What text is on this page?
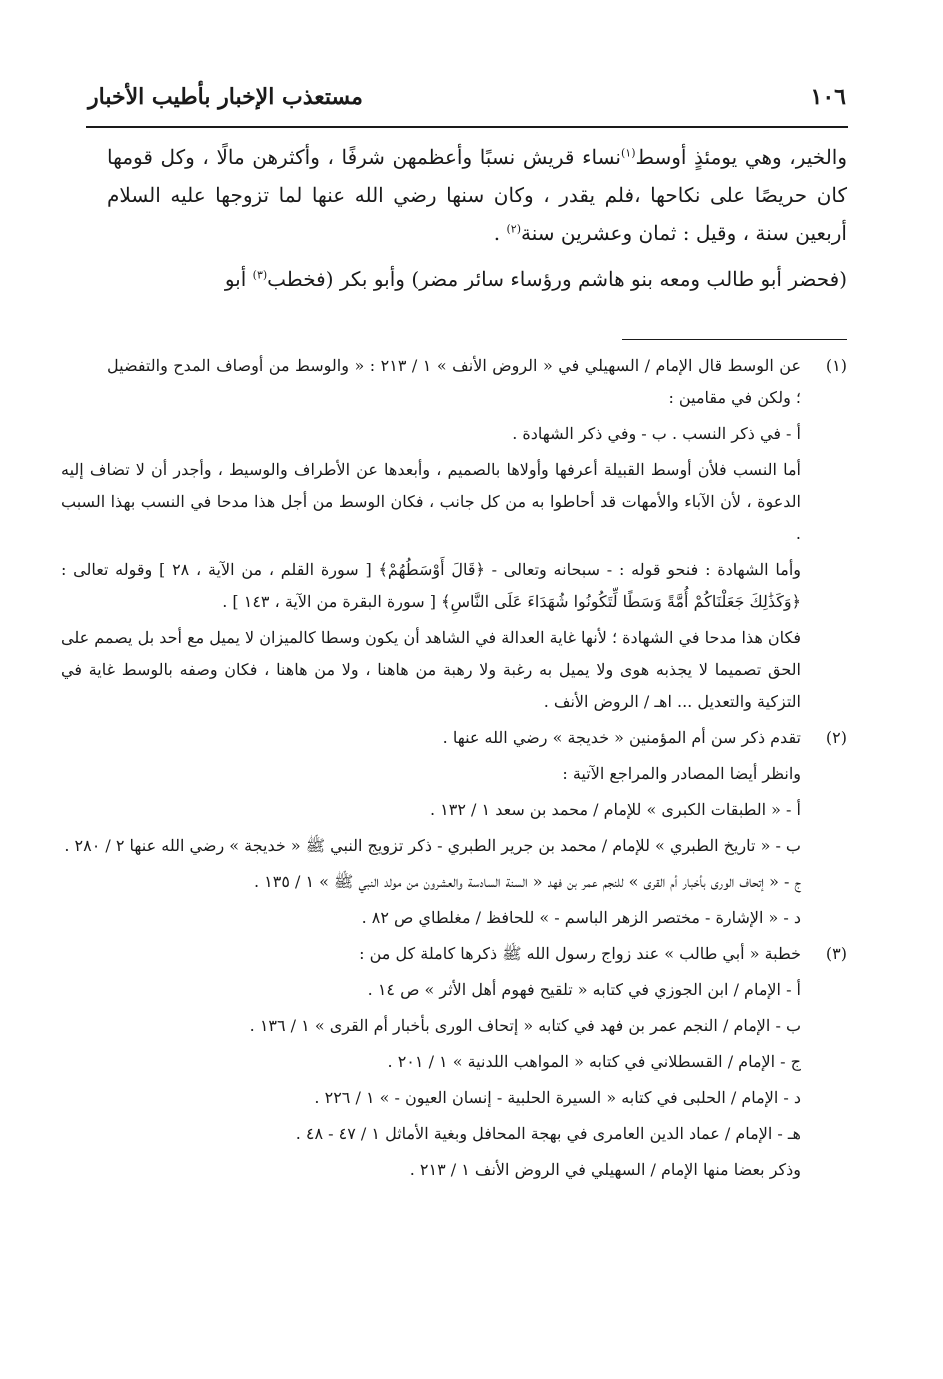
مستعذب الإخبار بأطيب الأخبار	١٠٦

والخير، وهي يومئذٍ أوسط$^{(١)}$نساء قريش نسبًا وأعظمهن شرفًا ، وأكثرهن مالًا ، وكل قومها كان حريصًا على نكاحها ،فلم يقدر ، وكان سنها رضي الله عنها لما تزوجها عليه السلام أربعين سنة ، وقيل : ثمان وعشرين سنة$^{(٢)}$ .

(فحضر أبو طالب ومعه بنو هاشم ورؤساء سائر مضر) وأبو بكر (فخطب$^{(٣)}$ أبو

(١)
عن الوسط قال الإمام / السهيلي في « الروض الأنف » ١ / ٢١٣ : « والوسط من أوصاف المدح والتفضيل ؛ ولكن في مقامين :
أ - في ذكر النسب . ب - وفي ذكر الشهادة .
أما النسب فلأن أوسط القبيلة أعرفها وأولاها بالصميم ، وأبعدها عن الأطراف والوسيط ، وأجدر أن لا تضاف إليه الدعوة ، لأن الآباء والأمهات قد أحاطوا به من كل جانب ، فكان الوسط من أجل هذا مدحا في النسب بهذا السبب .
وأما الشهادة : فنحو قوله : - سبحانه وتعالى - ﴿قَالَ أَوْسَطُهُمْ﴾ [ سورة القلم ، من الآية ، ٢٨ ] وقوله تعالى : ﴿وَكَذَٰلِكَ جَعَلْنَاكُمْ أُمَّةً وَسَطًا لِّتَكُونُوا شُهَدَاءَ عَلَى النَّاسِ﴾ [ سورة البقرة من الآية ، ١٤٣ ] .
فكان هذا مدحا في الشهادة ؛ لأنها غاية العدالة في الشاهد أن يكون وسطا كالميزان لا يميل مع أحد بل يصمم على الحق تصميما لا يجذبه هوى ولا يميل به رغبة ولا رهبة من هاهنا ، ولا من هاهنا ، فكان وصفه بالوسط غاية في التزكية والتعديل ... اهـ / الروض الأنف .
(٢)
تقدم ذكر سن أم المؤمنين « خديجة » رضي الله عنها .
وانظر أيضا المصادر والمراجع الآتية :
أ - « الطبقات الكبرى » للإمام / محمد بن سعد ١ / ١٣٢ .
ب - « تاريخ الطبري » للإمام / محمد بن جرير الطبري - ذكر تزويج النبي ﷺ « خديجة » رضي الله عنها ٢ / ٢٨٠ .
ج - « إتحاف الورى بأخبار أم القرى » للنجم عمر بن فهد « السنة السادسة والعشرون من مولد النبي ﷺ » ١ / ١٣٥ .
د - « الإشارة - مختصر الزهر الباسم - » للحافظ / مغلطاي ص ٨٢ .
(٣)
خطبة « أبي طالب » عند زواج رسول الله ﷺ ذكرها كاملة كل من :
أ - الإمام / ابن الجوزي في كتابه « تلقيح فهوم أهل الأثر » ص ١٤ .
ب - الإمام / النجم عمر بن فهد في كتابه « إتحاف الورى بأخبار أم القرى » ١ / ١٣٦ .
ج - الإمام / القسطلاني في كتابه « المواهب اللدنية » ١ / ٢٠١ .
د - الإمام / الحلبى في كتابه « السيرة الحلبية - إنسان العيون - » ١ / ٢٢٦ .
هـ - الإمام / عماد الدين العامرى في بهجة المحافل وبغية الأماثل ١ / ٤٧ - ٤٨ .
وذكر بعضا منها الإمام / السهيلي في الروض الأنف ١ / ٢١٣ .
